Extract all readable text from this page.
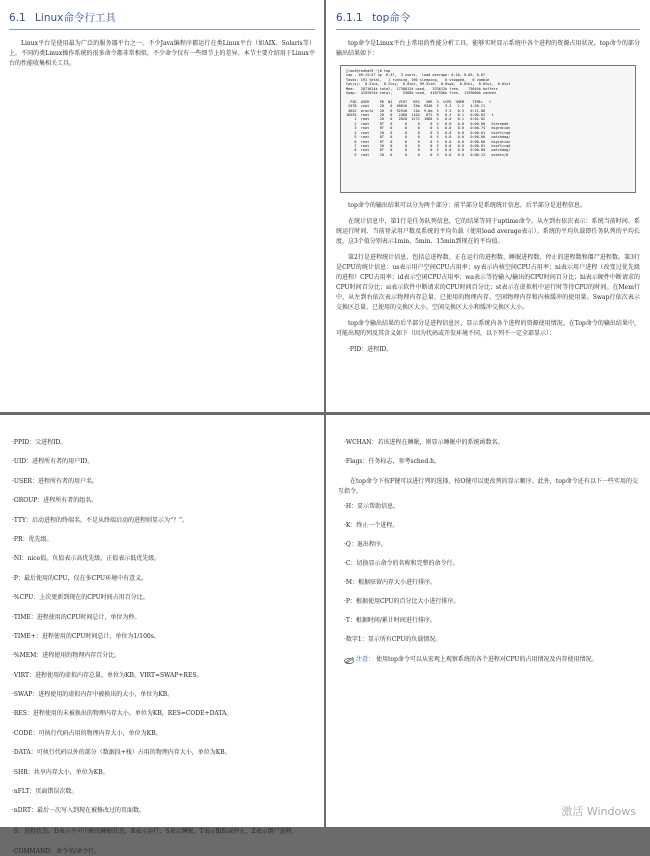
6.1 Linux命令行工具

Linux平台是使用最为广泛的服务器平台之一。不少Java编程序都运行在类Linux平台（如AIX、Solaris等）上。不同的类Linux操作系统的很多命令都非常相似，不少命令仅有一些细节上的差异。本节主要介绍用于Linux平台的性能收集相关工具。

6.1.1 top命令

top命令是Linux平台上常用的性能分析工具，能够实时显示系统中各个进程的资源占用状况。top命令的部分输出结果如下：

[root@redhat9 ~]# top
top - 09:13:57 up  6:37,  3 users,  load average: 0.10, 0.05, 0.07
Tasks: 191 total,   1 running, 190 sleeping,   0 stopped,   0 zombie
Cpu(s):  0.2%us,  0.2%sy,  0.0%ni, 99.5%id,  0.0%wa,  0.0%hi,  0.0%si,  0.0%st
Mem:   2071624k total,  1738012k used,   333612k free,    75044k buffers
Swap:  4192924k total,     5368k used,  4187556k free,  1193060k cached
PID  USER     PR  NI   VIRT   RES   SHR  S  %CPU  %MEM    TIME+   C
2078  root     20   0  58016   25m  9348  S   3.3   1.2   4:30.21
4022  oracle   20   0  92540   11m  9.8m  S   3.3   0.5   0:11.08
16555  root     20   0   2460  1164   872  R   0.3   0.1   0:00.03   t
1  root     20   0   2828  1272  1068  S   0.0   0.1   0:01.02
2  root     RT   0      0     0     0  S   0.0   0.0   0:00.00   kthreadd
3  root     RT   0      0     0     0  S   0.0   0.0   0:00.74   migration
4  root     20   0      0     0     0  S   0.0   0.0   0:00.01   ksoftirqd
5  root     RT   0      0     0     0  S   0.0   0.0   0:00.00   watchdog/
6  root     RT   0      0     0     0  S   0.0   0.0   0:00.80   migration
7  root     20   0      0     0     0  S   0.0   0.0   0:00.01   ksoftirqd
8  root     RT   0      0     0     0  S   0.0   0.0   0:00.00   watchdog/
9  root     20   0      0     0     0  S   0.0   0.0   0:00.13   events/0

top命令的输出结果可以分为两个部分：前半部分是系统统计信息，后半部分是进程信息。

在统计信息中，第1行是任务队列信息，它的结果等同于uptime命令。从左到右依次表示：系统当前时间、系统运行时间、当前登录用户数及系统的平均负载（使用load average表示）。系统的平均负载即任务队列的平均长度，这3个值分别表示1min、5min、15min到现在的平均值。

第2行是进程统计信息，包括总进程数、正在运行的进程数、睡眠进程数、停止的进程数和僵尸进程数。第3行是CPU的统计信息：us表示用户空间CPU占用率；sy表示内核空间CPU占用率；ni表示用户进程（改变过优先级的进程）CPU占用率；id表示空闲CPU占用率；wa表示等待输入/输出的CPU时间百分比；hi表示硬件中断请求的CPU时间百分比；si表示软件中断请求的CPU时间百分比；st表示在虚拟机中运行时等待CPU的时间。在Mem行中，从左到右依次表示物理内存总量、已使用的物理内存、空闲物理内存和内核缓冲的使用量。Swap行依次表示交换区总量、已使用的交换区大小、空闲交换区大小和缓冲交换区大小。

top命令输出结果的后半部分是进程信息区，显示系统内各个进程的资源使用情况。在Top命令的输出结果中，可能出现的列及其含义如下（因为代码或开发环境不同，以下列不一定全部显示）：

·PID：进程ID。

·PPID：父进程ID。

·UID：进程所有者的用户ID。

·USER：进程所有者的用户名。

·GROUP：进程所有者的组名。

·TTY：启动进程的终端名。不是从终端启动的进程则显示为“？”。

·PR：优先级。

·NI：nice值。负值表示高优先级，正值表示低优先级。

·P：最后使用的CPU，仅在多CPU环境中有意义。

·%CPU：上次更新到现在的CPU时间占用百分比。

·TIME：进程使用的CPU时间总计，单位为秒。

·TIME+：进程使用的CPU时间总计，单位为1/100s。

·%MEM：进程使用的物理内存百分比。

·VIRT：进程使用的虚拟内存总量，单位为KB，VIRT=SWAP+RES。

·SWAP：进程使用的虚拟内存中被换出的大小，单位为KB。

·RES：进程使用的未被换出的物理内存大小，单位为KB，RES=CODE+DATA。

·CODE：可执行代码占用的物理内存大小，单位为KB。

·DATA：可执行代码以外的部分（数据段+栈）占用的物理内存大小，单位为KB。

·SHR：共享内存大小，单位为KB。

·nFLT：页面错误次数。

·nDRT：最后一次写入到现在被修改过的页面数。

·S：进程状态。D表示不可中断的睡眠状态，R表示运行，S表示睡眠，T表示跟踪或停止，Z表示僵尸进程。

·COMMAND：命令名/命令行。

·WCHAN：若该进程在睡眠，则显示睡眠中的系统函数名。

·Flags：任务标志，参考sched.h。

在top命令下按F键可以进行列的选择，按O键可以更改列的显示顺序。此外，top命令还有以下一些实用的交互指令。

·H：显示帮助信息。

·K：终止一个进程。

·Q：退出程序。

·C：切换显示命令的名称和完整的命令行。

·M：根据驻留内存大小进行排序。

·P：根据使用CPU的百分比大小进行排序。

·T：根据时间/累计时间进行排序。

·数字1：显示所有CPU的负载情况。

注意： 使用top命令可以从宏观上观察系统的各个进程对CPU的占用情况及内存使用情况。
激活 Windows
